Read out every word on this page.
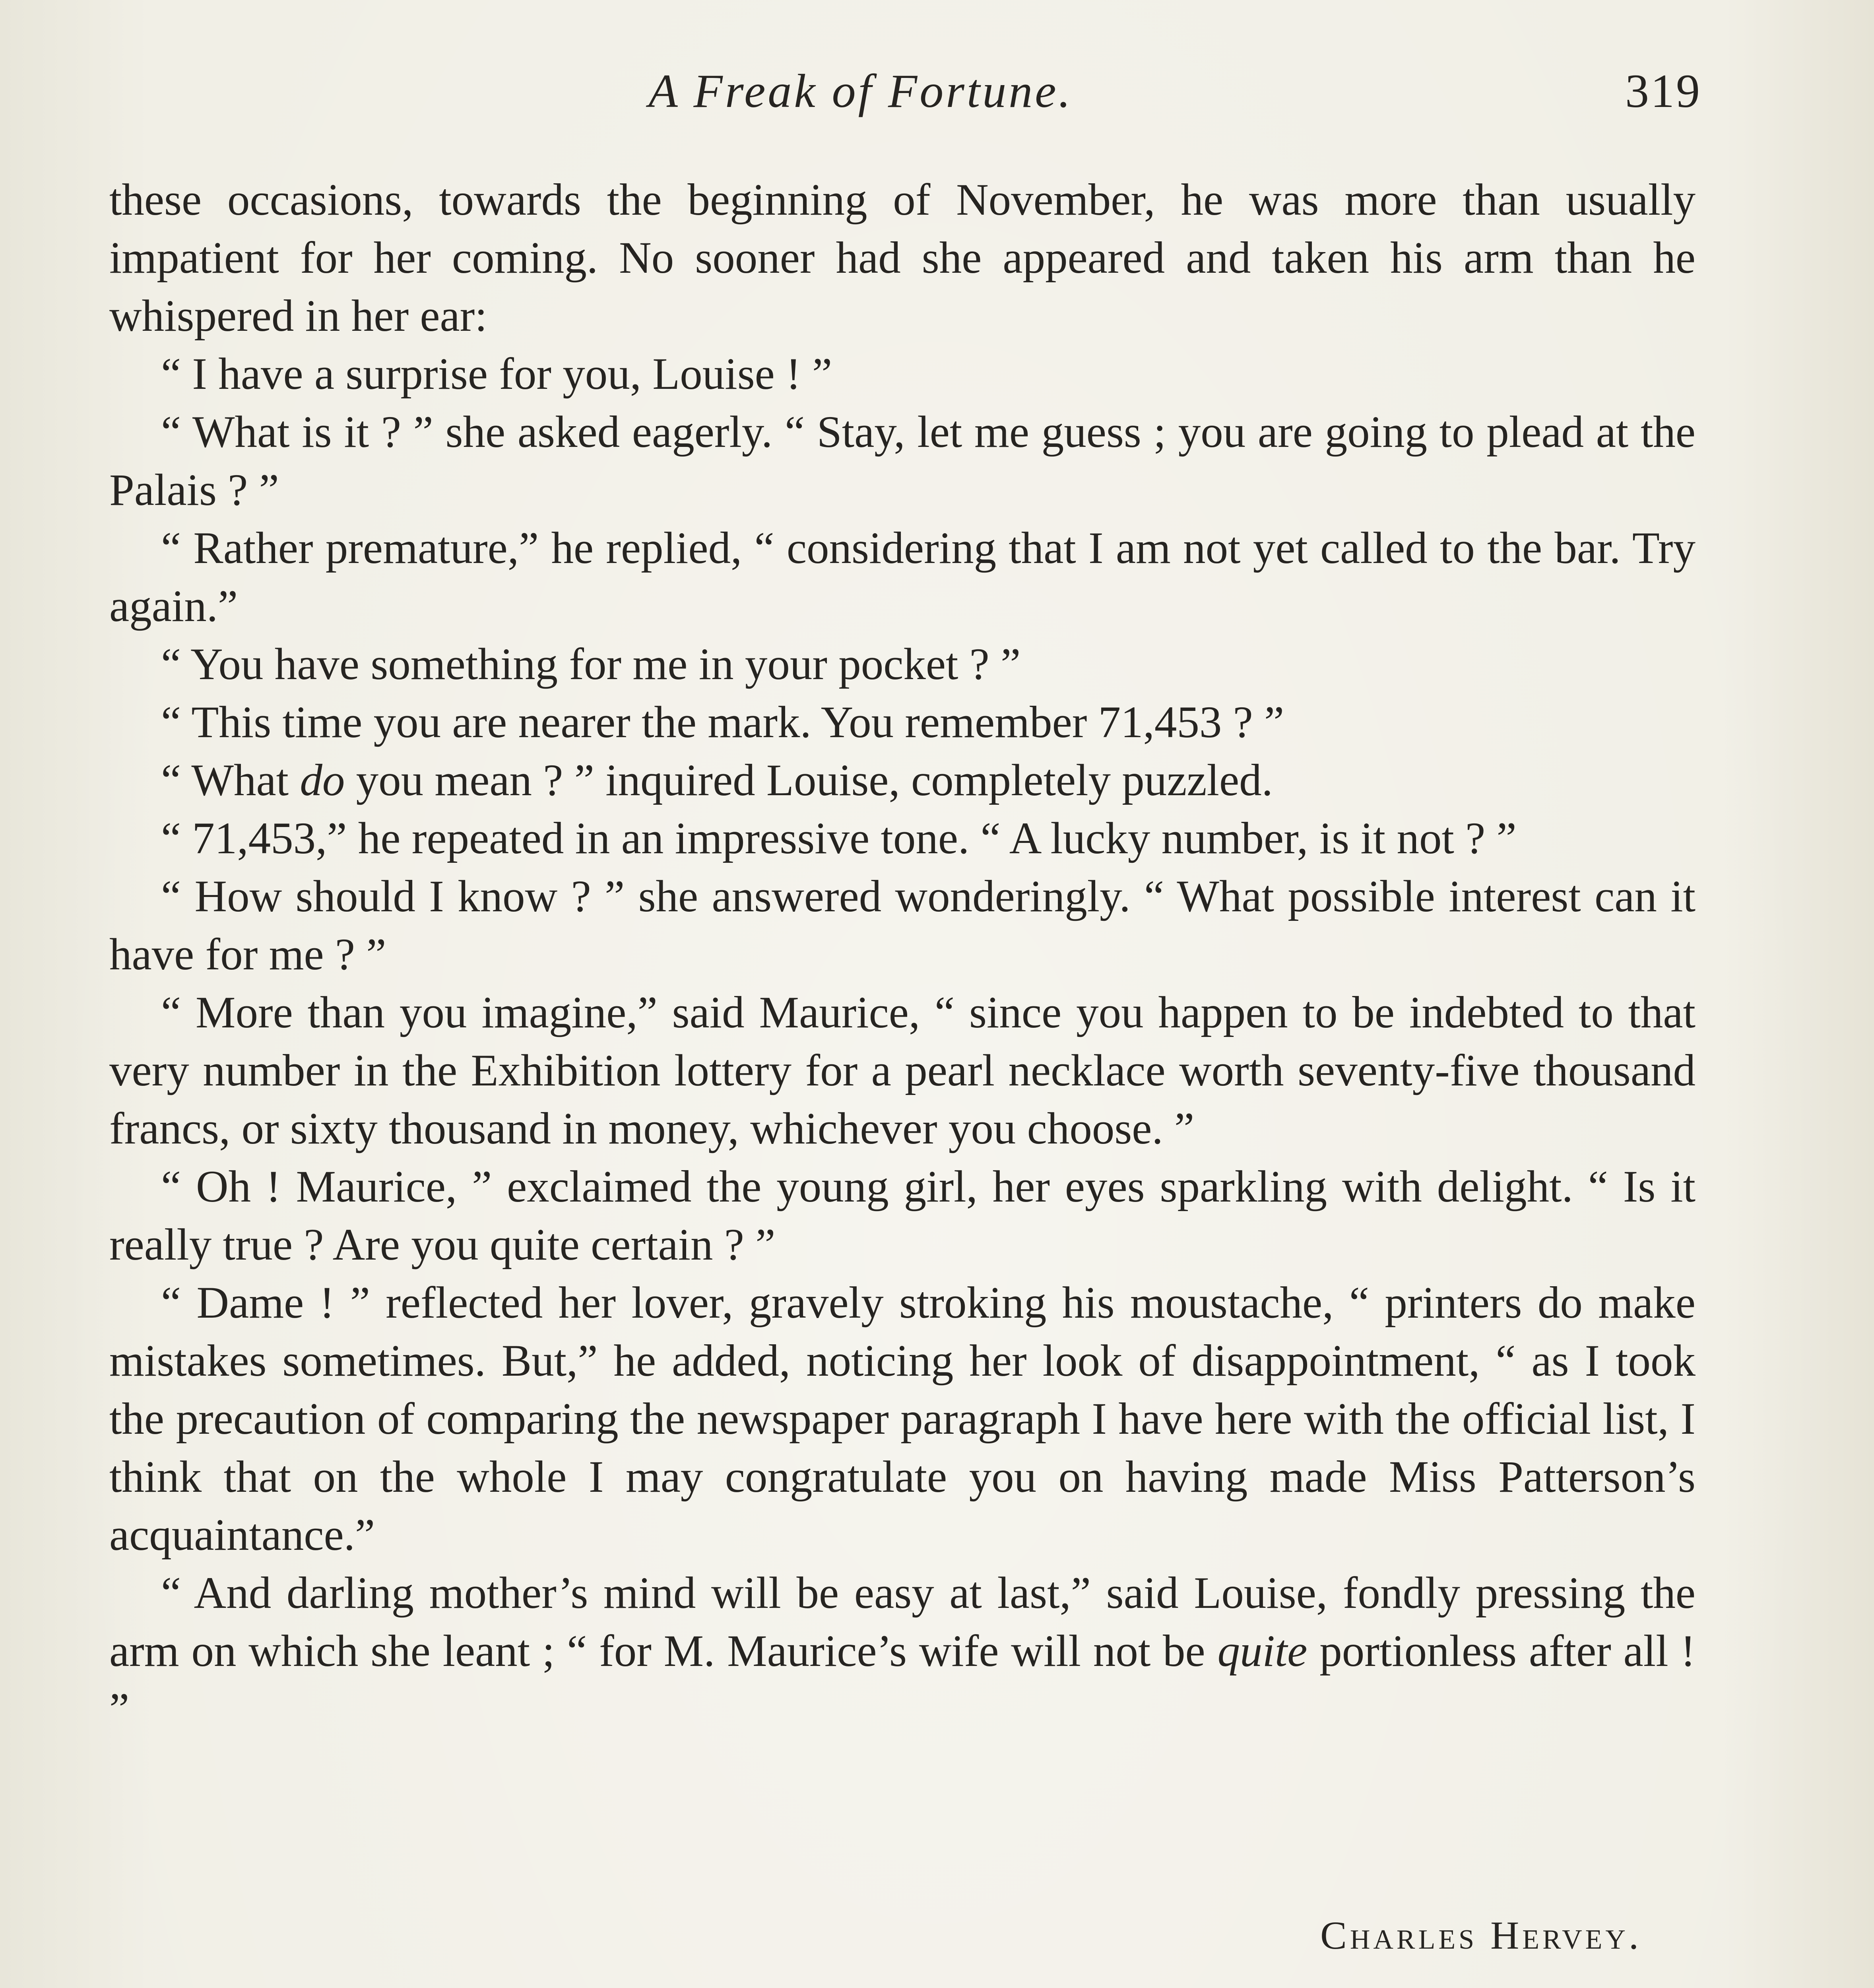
A Freak of Fortune.	319

these occasions, towards the beginning of November, he was more than usually impatient for her coming. No sooner had she appeared and taken his arm than he whispered in her ear:

“ I have a surprise for you, Louise ! ”

“ What is it ? ” she asked eagerly. “ Stay, let me guess ; you are going to plead at the Palais ? ”

“ Rather premature,” he replied, “ considering that I am not yet called to the bar. Try again.”

“ You have something for me in your pocket ? ”

“ This time you are nearer the mark. You remember 71,453 ? ”

“ What do you mean ? ” inquired Louise, completely puzzled.

“ 71,453,” he repeated in an impressive tone. “ A lucky number, is it not ? ”

“ How should I know ? ” she answered wonderingly. “ What possible interest can it have for me ? ”

“ More than you imagine,” said Maurice, “ since you happen to be indebted to that very number in the Exhibition lottery for a pearl necklace worth seventy-five thousand francs, or sixty thousand in money, whichever you choose. ”

“ Oh ! Maurice, ” exclaimed the young girl, her eyes sparkling with delight. “ Is it really true ? Are you quite certain ? ”

“ Dame ! ” reflected her lover, gravely stroking his moustache, “ printers do make mistakes sometimes. But,” he added, noticing her look of disappointment, “ as I took the precaution of comparing the newspaper paragraph I have here with the official list, I think that on the whole I may congratulate you on having made Miss Patterson’s acquaintance.”

“ And darling mother’s mind will be easy at last,” said Louise, fondly pressing the arm on which she leant ; “ for M. Maurice’s wife will not be quite portionless after all ! ”

Charles Hervey.
